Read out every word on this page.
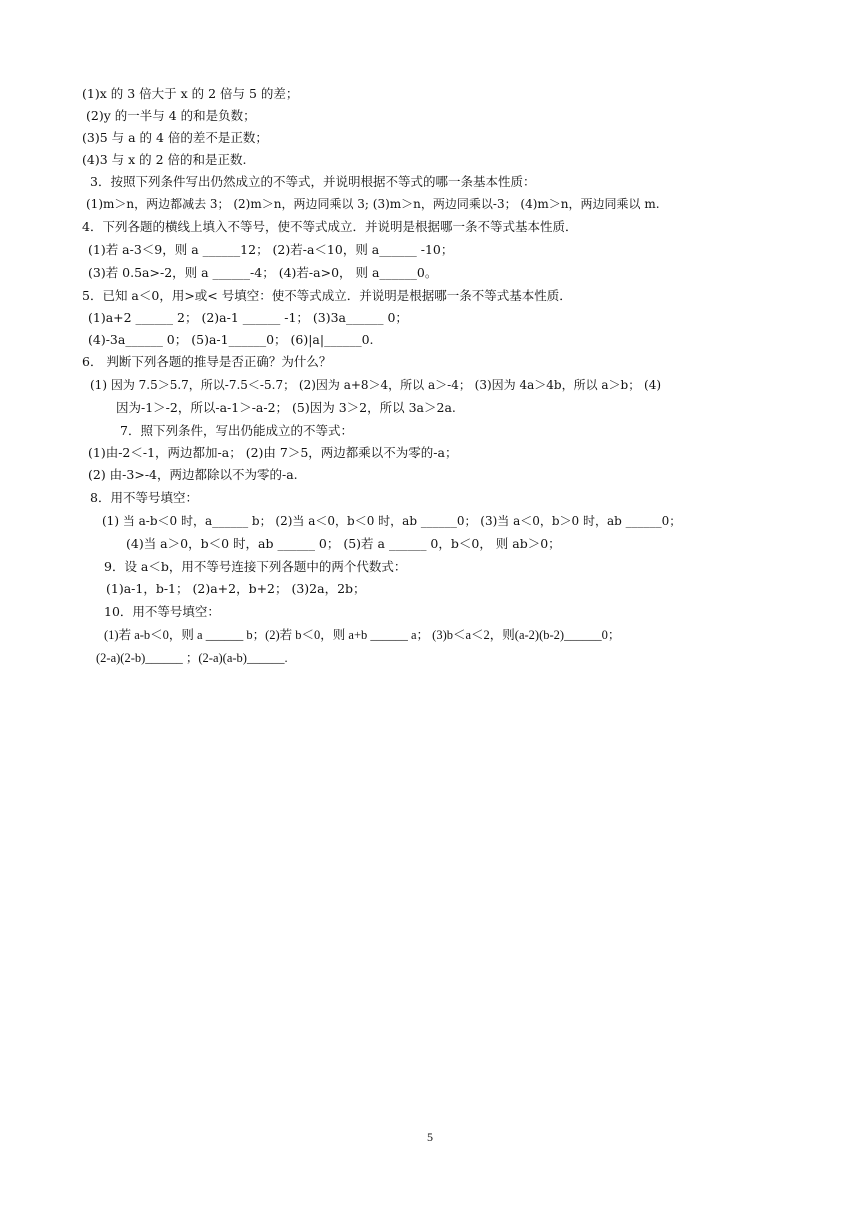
(1)x 的 3 倍大于 x 的 2 倍与 5 的差；
(2)y 的一半与 4 的和是负数；
(3)5 与 a 的 4 倍的差不是正数；
(4)3 与 x 的 2 倍的和是正数.
3．按照下列条件写出仍然成立的不等式，并说明根据不等式的哪一条基本性质：
(1)m＞n，两边都减去 3； (2)m＞n，两边同乘以 3; (3)m＞n，两边同乘以-3； (4)m＞n，两边同乘以 m.
4．下列各题的横线上填入不等号，使不等式成立．并说明是根据哪一条不等式基本性质．
(1)若 a-3＜9，则 a ______12； (2)若-a＜10，则 a______ -10；
(3)若 0.5a>-2，则 a ______-4； (4)若-a>0， 则 a______0。
5．已知 a＜0，用>或< 号填空：使不等式成立．并说明是根据哪一条不等式基本性质．
(1)a+2 ______ 2； (2)a-1 ______ -1； (3)3a______ 0；
(4)-3a______ 0； (5)a-1______0； (6)|a|______0.
6． 判断下列各题的推导是否正确？为什么？
(1) 因为 7.5＞5.7，所以-7.5＜-5.7； (2)因为 a+8＞4，所以 a＞-4； (3)因为 4a＞4b，所以 a＞b； (4)
因为-1＞-2，所以-a-1＞-a-2； (5)因为 3＞2，所以 3a＞2a.
7．照下列条件，写出仍能成立的不等式：
(1)由-2＜-1，两边都加-a； (2)由 7＞5，两边都乘以不为零的-a；
(2) 由-3>-4，两边都除以不为零的-a.
8．用不等号填空：
(1) 当 a-b＜0 时，a______ b； (2)当 a＜0，b＜0 时，ab ______0； (3)当 a＜0，b＞0 时，ab ______0；
(4)当 a＞0，b＜0 时，ab ______ 0； (5)若 a ______ 0，b＜0， 则 ab＞0；
9．设 a＜b，用不等号连接下列各题中的两个代数式：
(1)a-1，b-1； (2)a+2，b+2； (3)2a，2b；
10．用不等号填空：
(1)若 a-b＜0，则 a ______ b；(2)若 b＜0，则 a+b ______ a； (3)b＜a＜2，则(a-2)(b-2)______0；
(2-a)(2-b)______ ；(2-a)(a-b)______.
5
